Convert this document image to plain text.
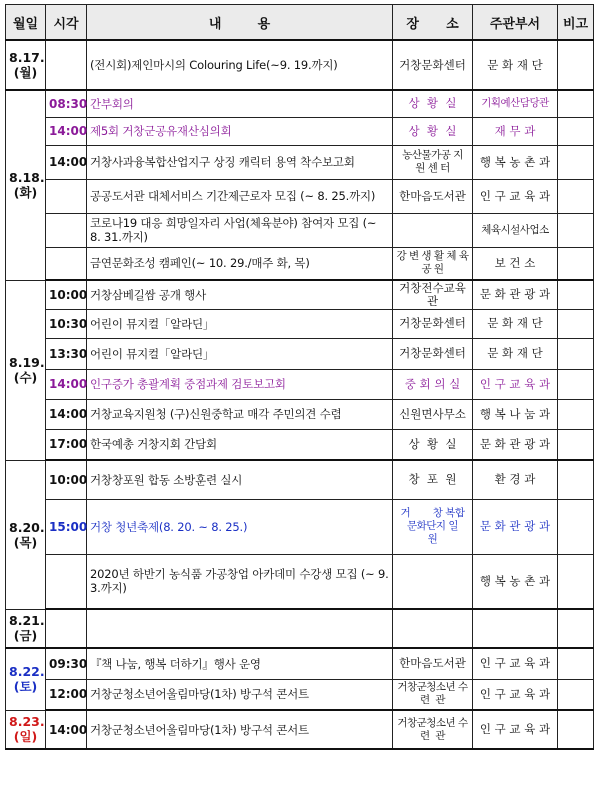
월일	시각	내        용	장      소	주관부서	비고
8.17.
(월)		(전시회)제인마시의 Colouring Life(~9. 19.까지)	거창문화센터	문 화 재 단	
8.18.
(화)	08:30	간부회의	상  황  실	기획예산담당관	
	14:00	제5회 거창군공유재산심의회	상  황  실	재 무 과	
	14:00	거창사과융복합산업지구 상징 캐릭터 용역 착수보고회	농산물가공 지 원 센 터	행 복 농 촌 과	
		공공도서관 대체서비스 기간제근로자 모집 (~ 8. 25.까지)	한마음도서관	인 구 교 육 과	
		코로나19 대응 희망일자리 사업(체육분야) 참여자 모집 (~ 8. 31.까지)		체육시설사업소	
		금연문화조성 캠페인(~ 10. 29./매주 화, 목)	강 변 생 활 체 육 공 원	보 건 소	
8.19.
(수)	10:00	거창삼베길쌈 공개 행사	거창전수교육관	문 화 관 광 과	
	10:30	어린이 뮤지컬「알라딘」	거창문화센터	문 화 재 단	
	13:30	어린이 뮤지컬「알라딘」	거창문화센터	문 화 재 단	
	14:00	인구증가 총괄계획 중점과제 검토보고회	중 회 의 실	인 구 교 육 과	
	14:00	거창교육지원청 (구)신원중학교 매각 주민의견 수렴	신원면사무소	행 복 나 눔 과	
	17:00	한국예총 거창지회 간담회	상  황  실	문 화 관 광 과	
8.20.
(목)	10:00	거창창포원 합동 소방훈련 실시	창  포  원	환 경 과	
	15:00	거창 청년축제(8. 20. ~ 8. 25.)	거        창 복합문화단지 일        원	문 화 관 광 과	
		2020년 하반기 농식품 가공창업 아카데미 수강생 모집 (~ 9. 3.까지)		행 복 농 촌 과	
8.21.
(금)					
8.22.
(토)	09:30	『책 나눔, 행복 더하기』행사 운영	한마음도서관	인 구 교 육 과	
	12:00	거창군청소년어울림마당(1차) 방구석 콘서트	거창군청소년 수  련  관	인 구 교 육 과	
8.23.
(일)	14:00	거창군청소년어울림마당(1차) 방구석 콘서트	거창군청소년 수  련  관	인 구 교 육 과	
